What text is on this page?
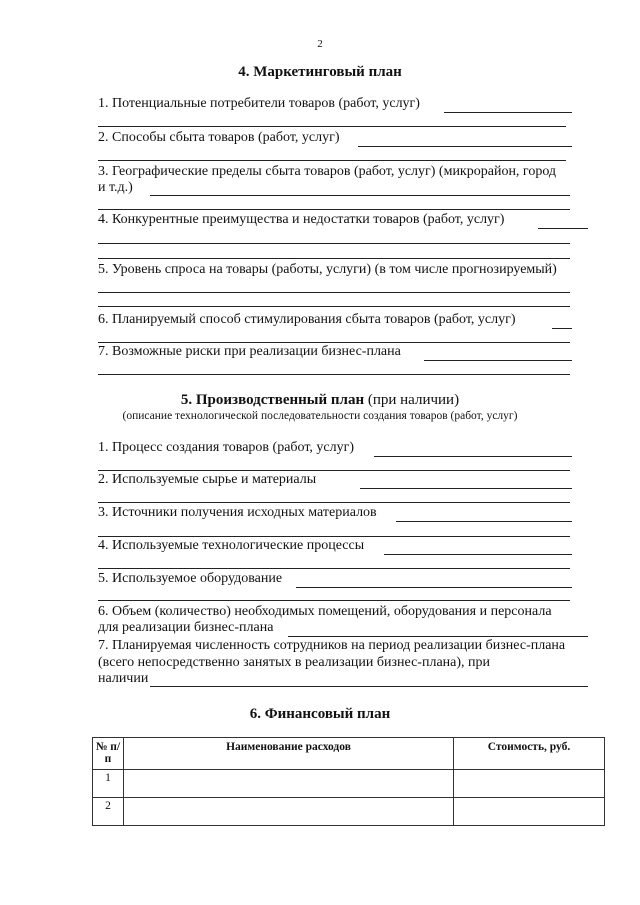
2
4. Маркетинговый план
1. Потенциальные потребители товаров (работ, услуг)
2. Способы сбыта товаров (работ, услуг)
3. Географические пределы сбыта товаров (работ, услуг) (микрорайон, город
и т.д.)
4. Конкурентные преимущества и недостатки товаров (работ, услуг)
5. Уровень спроса на товары (работы, услуги) (в том числе прогнозируемый)
6. Планируемый способ стимулирования сбыта товаров (работ, услуг)
7. Возможные риски при реализации бизнес-плана
5. Производственный план (при наличии)
(описание технологической последовательности создания товаров (работ, услуг)
1. Процесс создания товаров (работ, услуг)
2. Используемые сырье и материалы
3. Источники получения исходных материалов
4. Используемые технологические процессы
5. Используемое оборудование
6. Объем (количество) необходимых помещений, оборудования и персонала
для реализации бизнес-плана
7. Планируемая численность сотрудников на период реализации бизнес-плана
(всего непосредственно занятых в реализации бизнес-плана), при
наличии
6. Финансовый план
№ п/п	Наименование расходов	Стоимость, руб.
1		
2		
